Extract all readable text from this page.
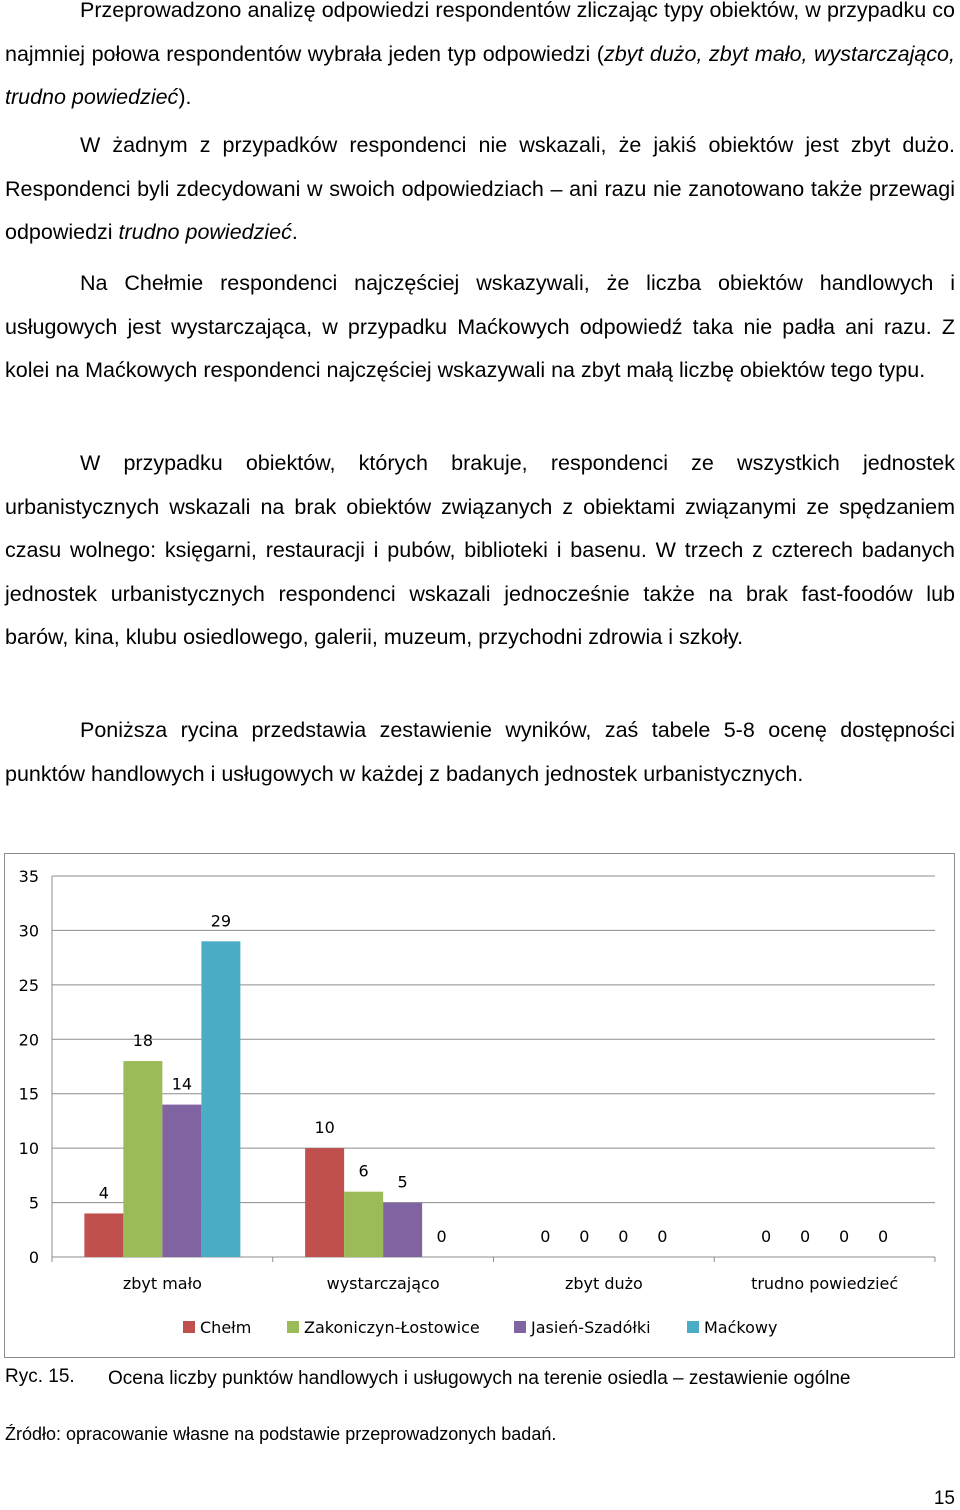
Przeprowadzono analizę odpowiedzi respondentów zliczając typy obiektów, w przypadku co najmniej połowa respondentów wybrała jeden typ odpowiedzi (zbyt dużo, zbyt mało, wystarczająco, trudno powiedzieć).

W żadnym z przypadków respondenci nie wskazali, że jakiś obiektów jest zbyt dużo. Respondenci byli zdecydowani w swoich odpowiedziach – ani razu nie zanotowano także przewagi odpowiedzi trudno powiedzieć.

Na Chełmie respondenci najczęściej wskazywali, że liczba obiektów handlowych i usługowych jest wystarczająca, w przypadku Maćkowych odpowiedź taka nie padła ani razu. Z kolei na Maćkowych respondenci najczęściej wskazywali na zbyt małą liczbę obiektów tego typu.

W przypadku obiektów, których brakuje, respondenci ze wszystkich jednostek urbanistycznych wskazali na brak obiektów związanych z obiektami związanymi ze spędzaniem czasu wolnego: księgarni, restauracji i pubów, biblioteki i basenu. W trzech z czterech badanych jednostek urbanistycznych respondenci wskazali jednocześnie także na brak fast-foodów lub barów, kina, klubu osiedlowego, galerii, muzeum, przychodni zdrowia i szkoły.

Poniższa rycina przedstawia zestawienie wyników, zaś tabele 5-8 ocenę dostępności punktów handlowych i usługowych w każdej z badanych jednostek urbanistycznych.

0
5
10
15
20
25
30
35
zbyt mało
4
18
14
29
wystarczająco
10
6
5
0
zbyt dużo
0 0 0 0
trudno powiedzieć
0 0 0 0
Chełm	Zakoniczyn-Łostowice	Jasień-Szadółki	Maćkowy
Ryc. 15. Ocena liczby punktów handlowych i usługowych na terenie osiedla – zestawienie ogólne
Źródło: opracowanie własne na podstawie przeprowadzonych badań.
15
